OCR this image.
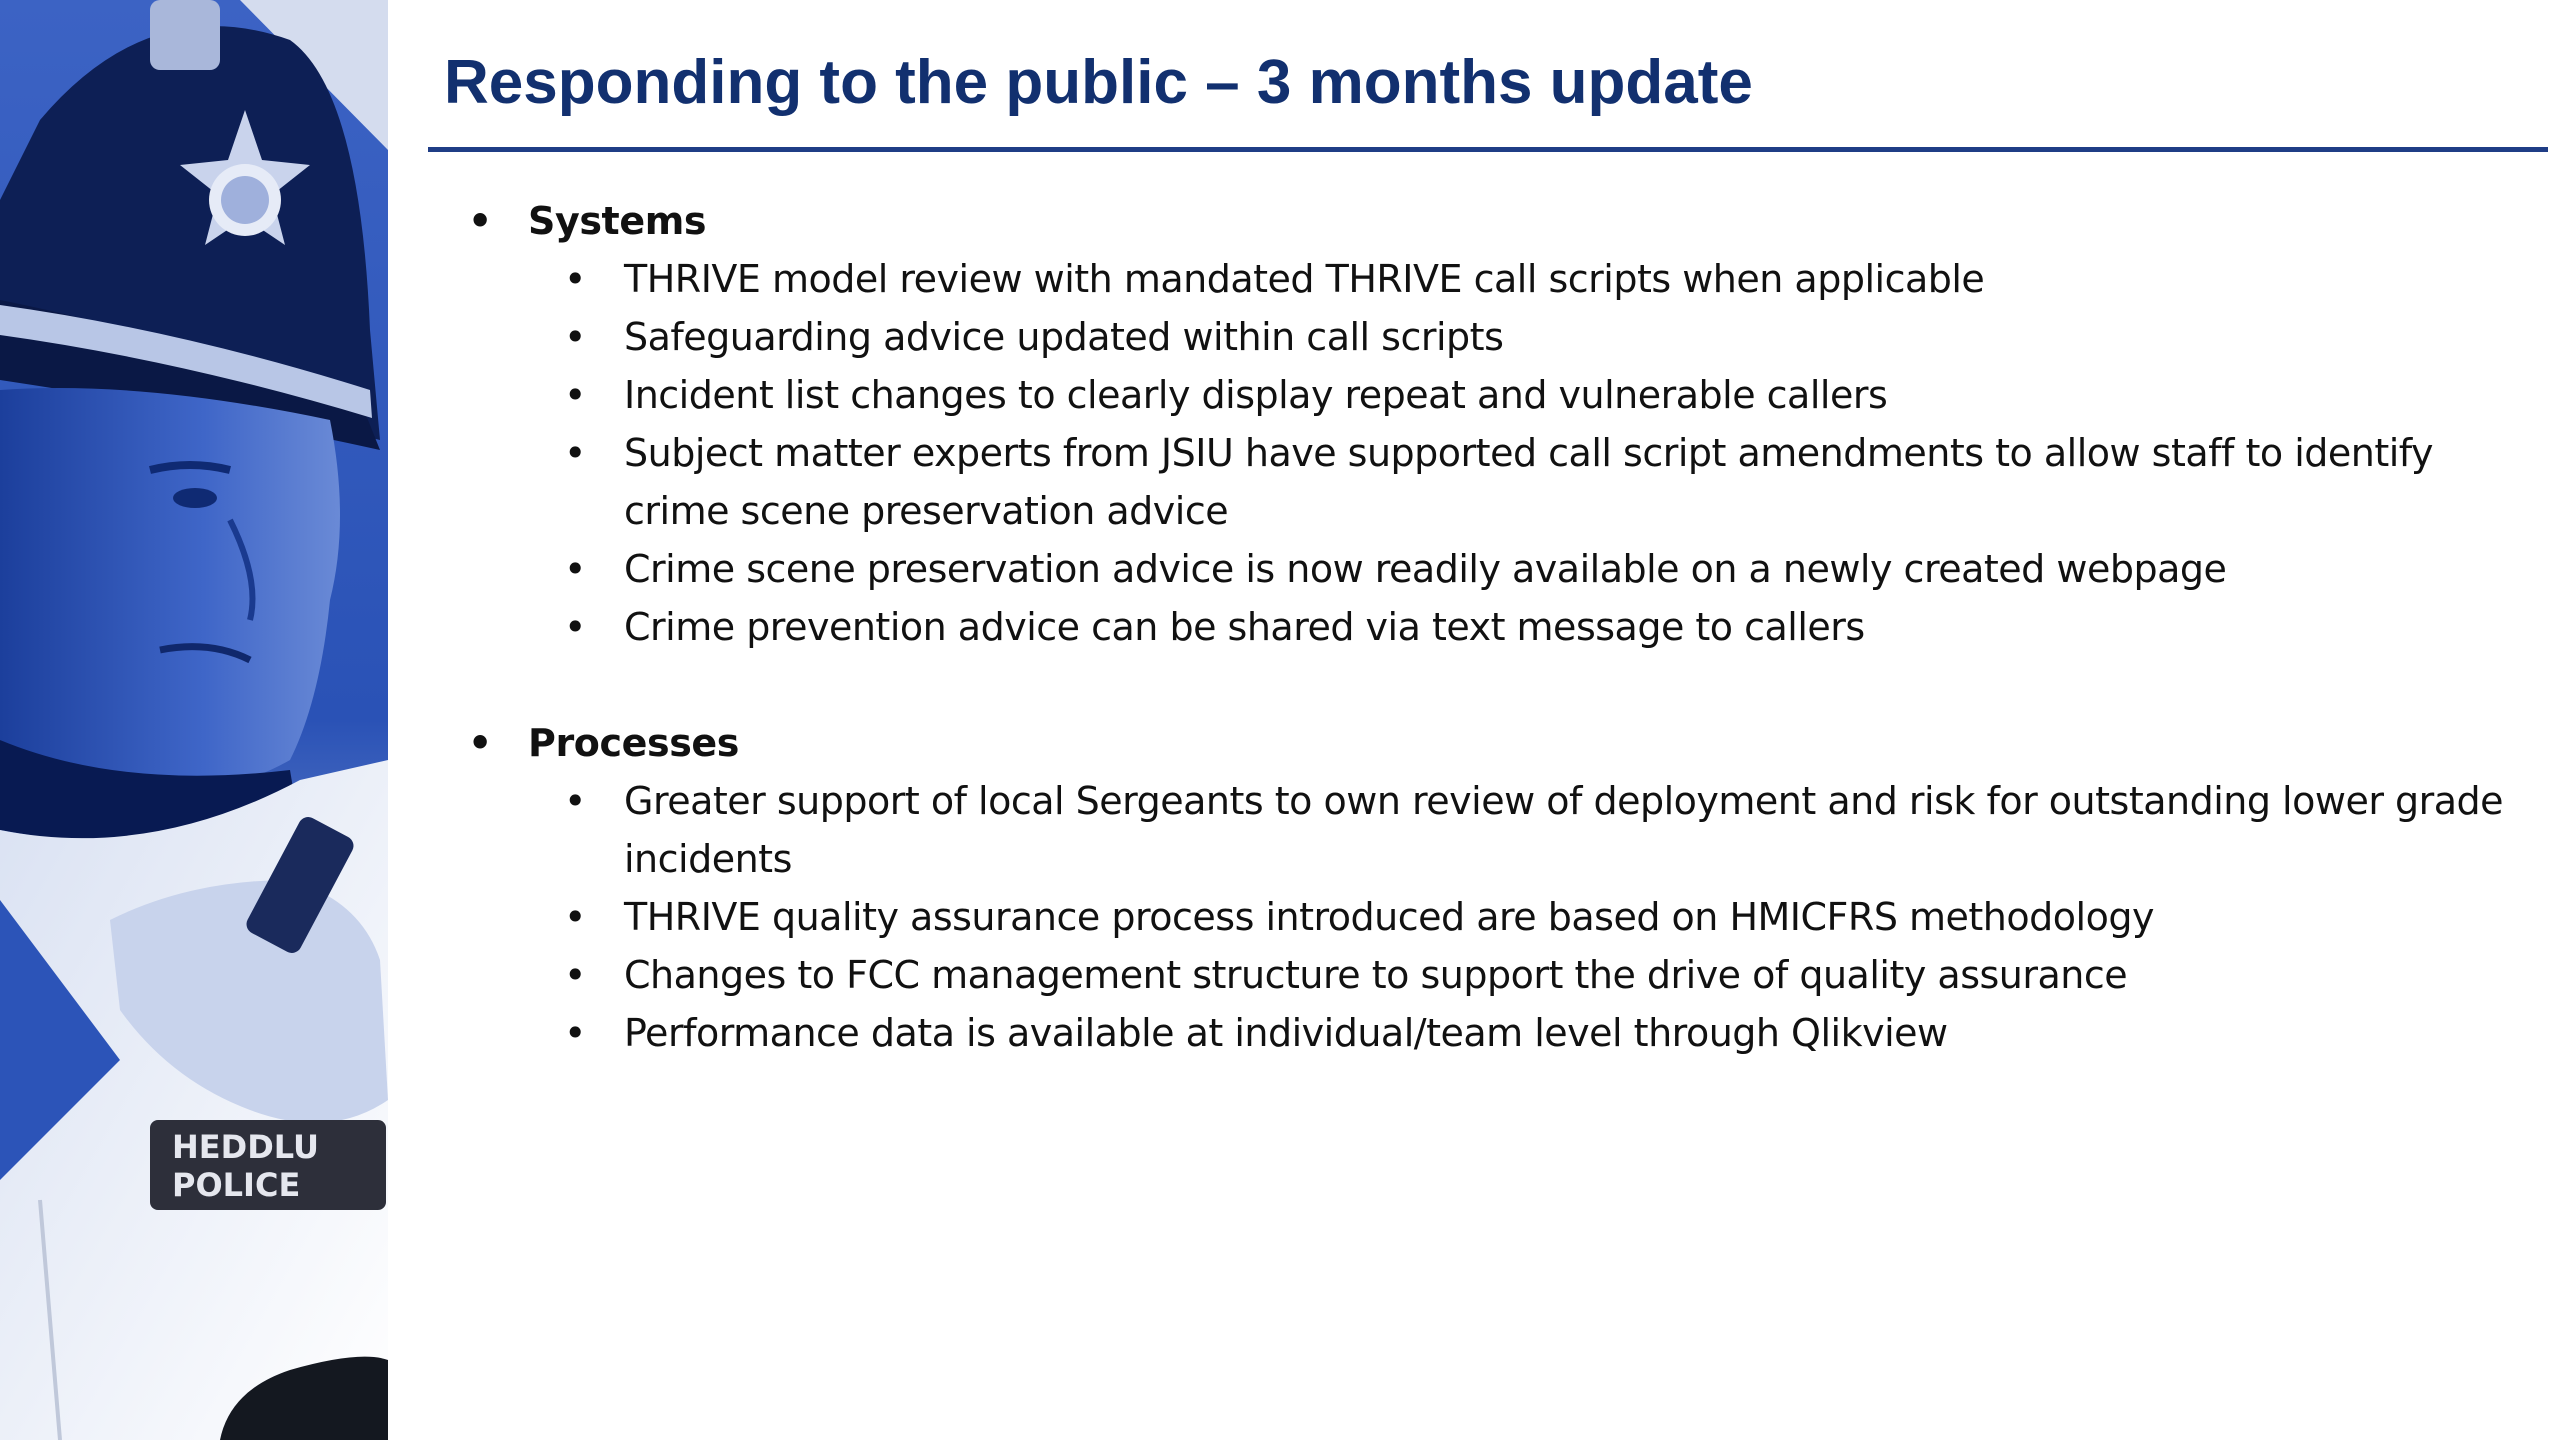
HEDDLU
POLICE
Responding to the public – 3 months update
• Systems
• THRIVE model review with mandated THRIVE call scripts when applicable
• Safeguarding advice updated within call scripts
• Incident list changes to clearly display repeat and vulnerable callers
• Subject matter experts from JSIU have supported call script amendments to allow staff to identify crime scene preservation advice
• Crime scene preservation advice is now readily available on a newly created webpage
• Crime prevention advice can be shared via text message to callers
• Processes
• Greater support of local Sergeants to own review of deployment and risk for outstanding lower grade incidents
• THRIVE quality assurance process introduced are based on HMICFRS methodology
• Changes to FCC management structure to support the drive of quality assurance
• Performance data is available at individual/team level through Qlikview
